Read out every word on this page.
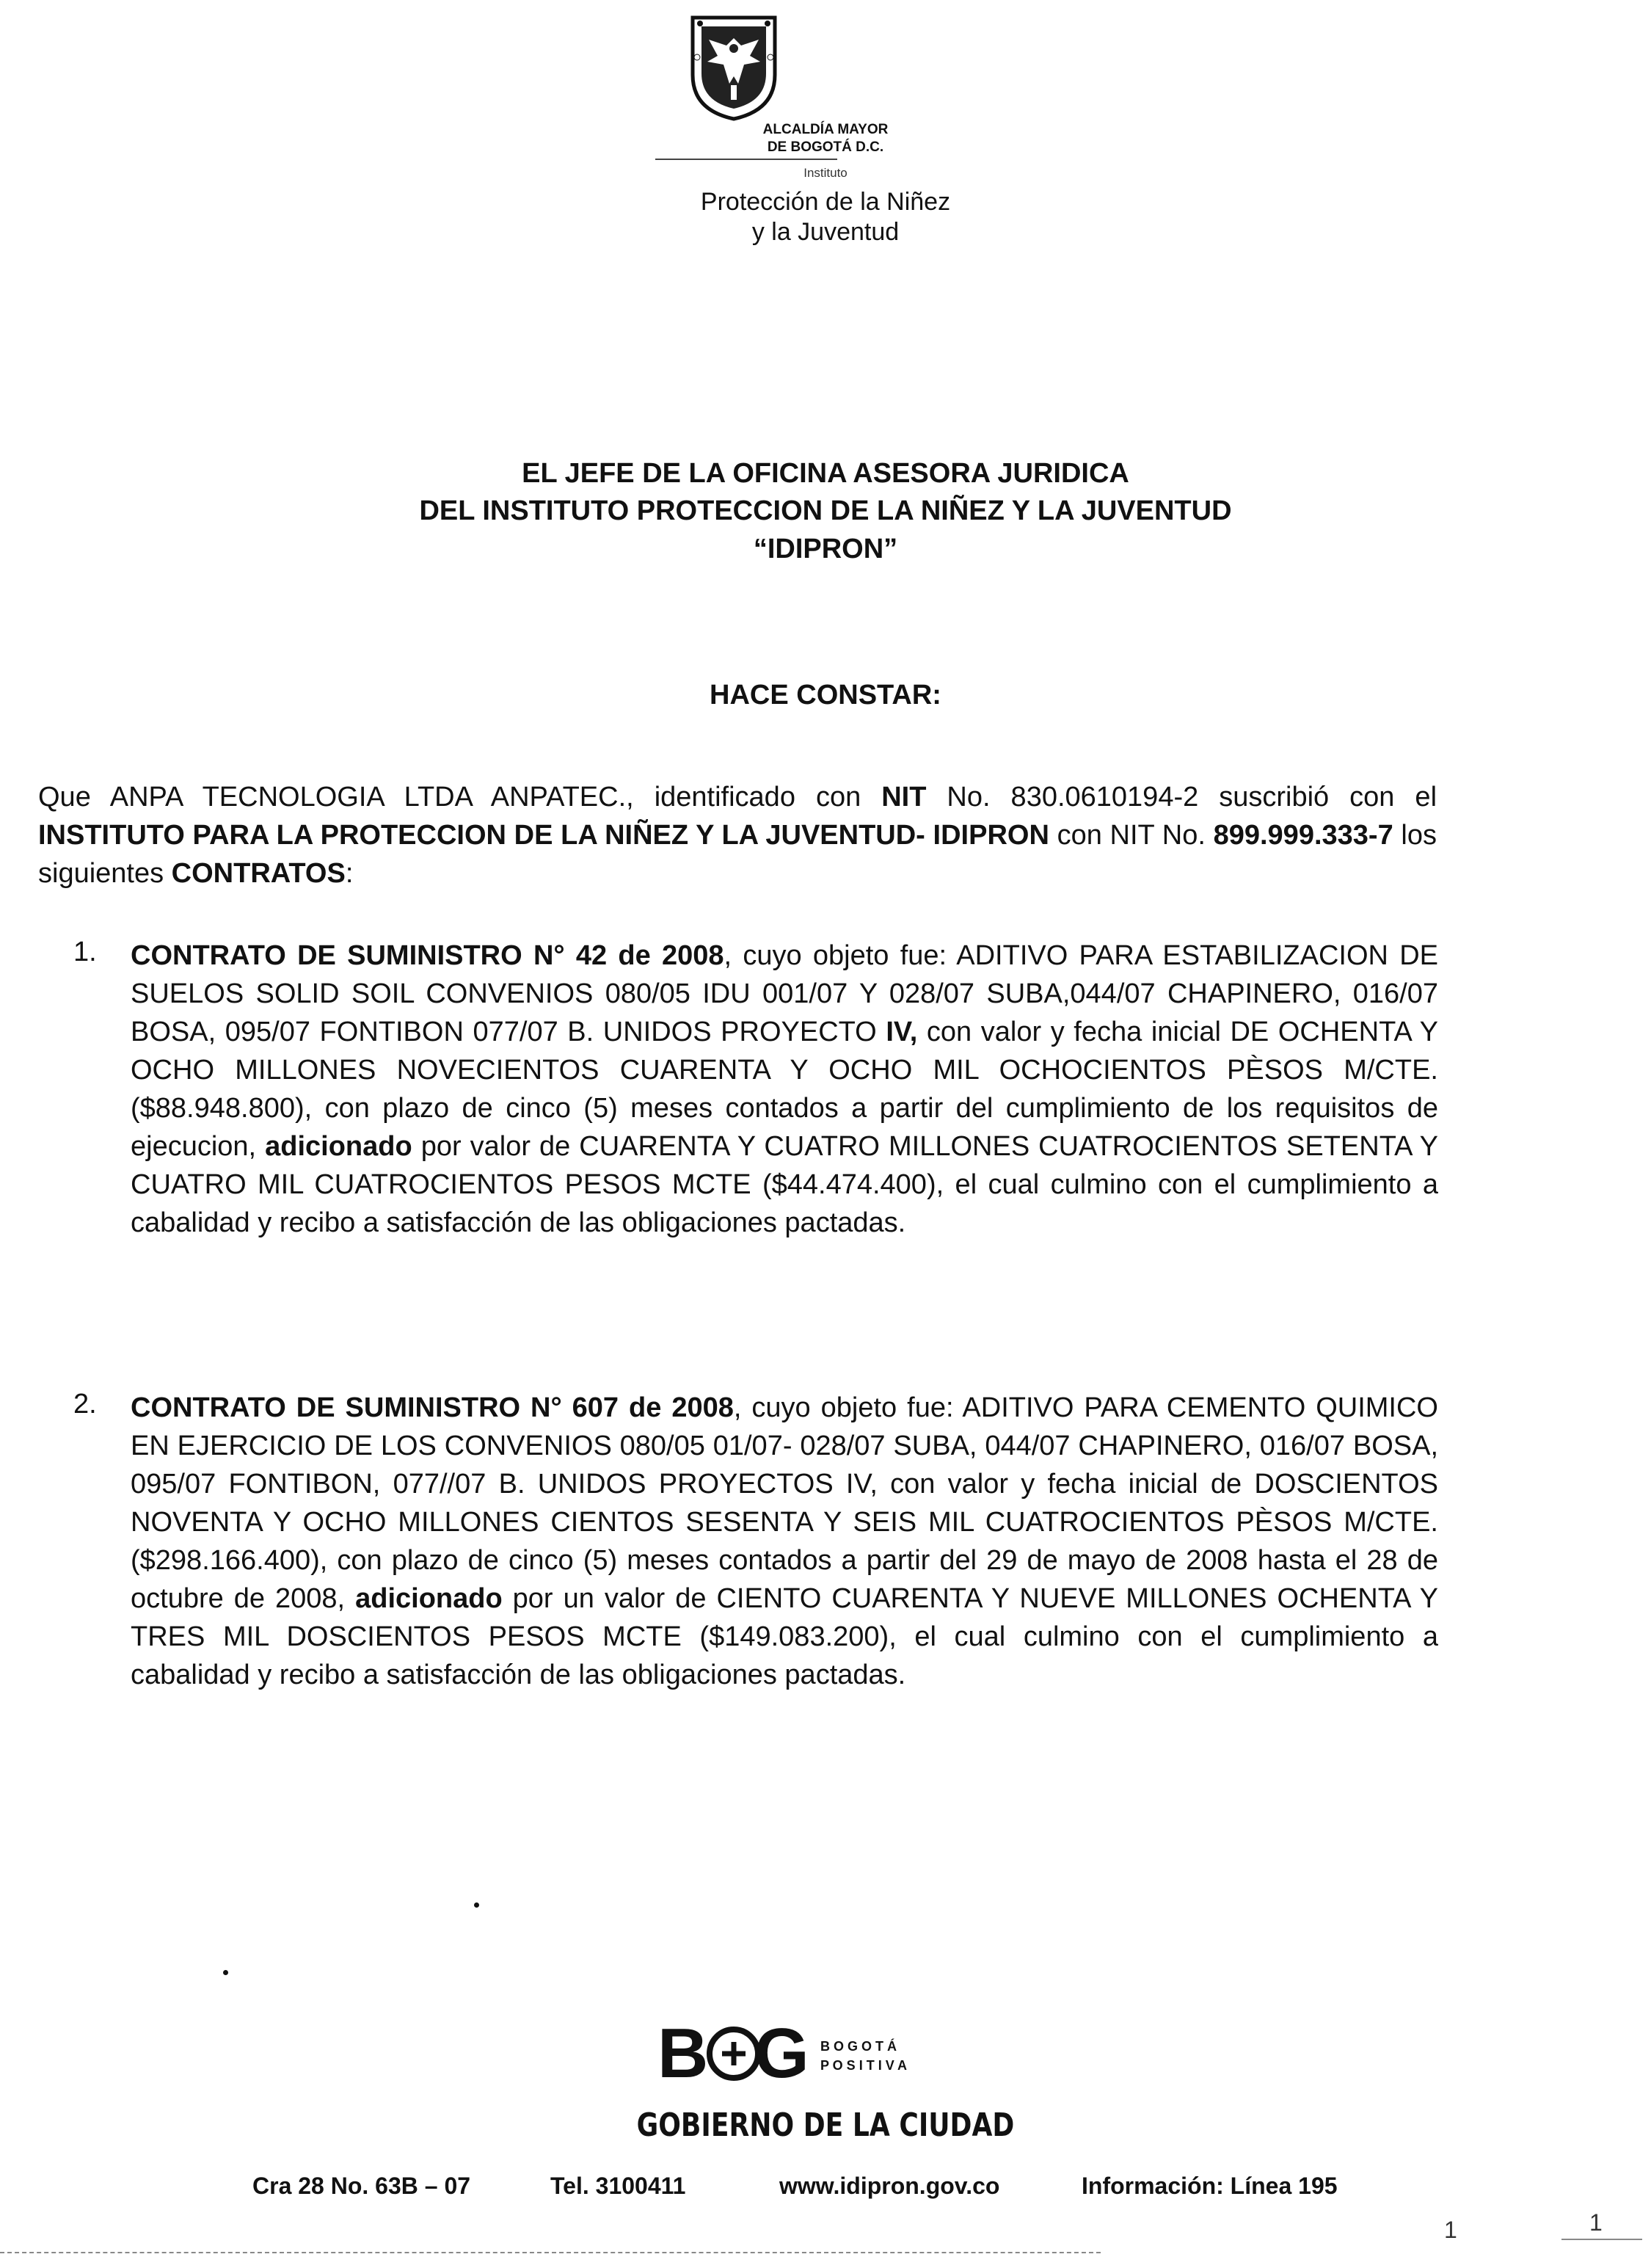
ALCALDÍA MAYOR
DE BOGOTÁ D.C.
Instituto
Protección de la Niñez
y la Juventud
EL JEFE DE LA OFICINA ASESORA JURIDICA
DEL INSTITUTO PROTECCION DE LA NIÑEZ Y LA JUVENTUD
“IDIPRON”
HACE CONSTAR:
Que ANPA TECNOLOGIA LTDA ANPATEC., identificado con NIT No. 830.0610194-2 suscribió con el INSTITUTO PARA LA PROTECCION DE LA NIÑEZ Y LA JUVENTUD- IDIPRON con NIT No. 899.999.333-7 los siguientes CONTRATOS:
1. CONTRATO DE SUMINISTRO N° 42 de 2008, cuyo objeto fue: ADITIVO PARA ESTABILIZACION DE SUELOS SOLID SOIL CONVENIOS 080/05 IDU 001/07 Y 028/07 SUBA,044/07 CHAPINERO, 016/07 BOSA, 095/07 FONTIBON 077/07 B. UNIDOS PROYECTO IV, con valor y fecha inicial DE OCHENTA Y OCHO MILLONES NOVECIENTOS CUARENTA Y OCHO MIL OCHOCIENTOS PÈSOS M/CTE. ($88.948.800), con plazo de cinco (5) meses contados a partir del cumplimiento de los requisitos de ejecucion, adicionado por valor de CUARENTA Y CUATRO MILLONES CUATROCIENTOS SETENTA Y CUATRO MIL CUATROCIENTOS PESOS MCTE ($44.474.400), el cual culmino con el cumplimiento a cabalidad y recibo a satisfacción de las obligaciones pactadas.
2. CONTRATO DE SUMINISTRO N° 607 de 2008, cuyo objeto fue: ADITIVO PARA CEMENTO QUIMICO EN EJERCICIO DE LOS CONVENIOS 080/05 01/07- 028/07 SUBA, 044/07 CHAPINERO, 016/07 BOSA, 095/07 FONTIBON, 077//07 B. UNIDOS PROYECTOS IV, con valor y fecha inicial de DOSCIENTOS NOVENTA Y OCHO MILLONES CIENTOS SESENTA Y SEIS MIL CUATROCIENTOS PÈSOS M/CTE. ($298.166.400), con plazo de cinco (5) meses contados a partir del 29 de mayo de 2008 hasta el 28 de octubre de 2008, adicionado por un valor de CIENTO CUARENTA Y NUEVE MILLONES OCHENTA Y TRES MIL DOSCIENTOS PESOS MCTE ($149.083.200), el cual culmino con el cumplimiento a cabalidad y recibo a satisfacción de las obligaciones pactadas.
B G B O G O T Á
P O S I T I V A
GOBIERNO DE LA CIUDAD
Cra 28 No. 63B – 07	Tel. 3100411	www.idipron.gov.co	Información: Línea 195
1	1
